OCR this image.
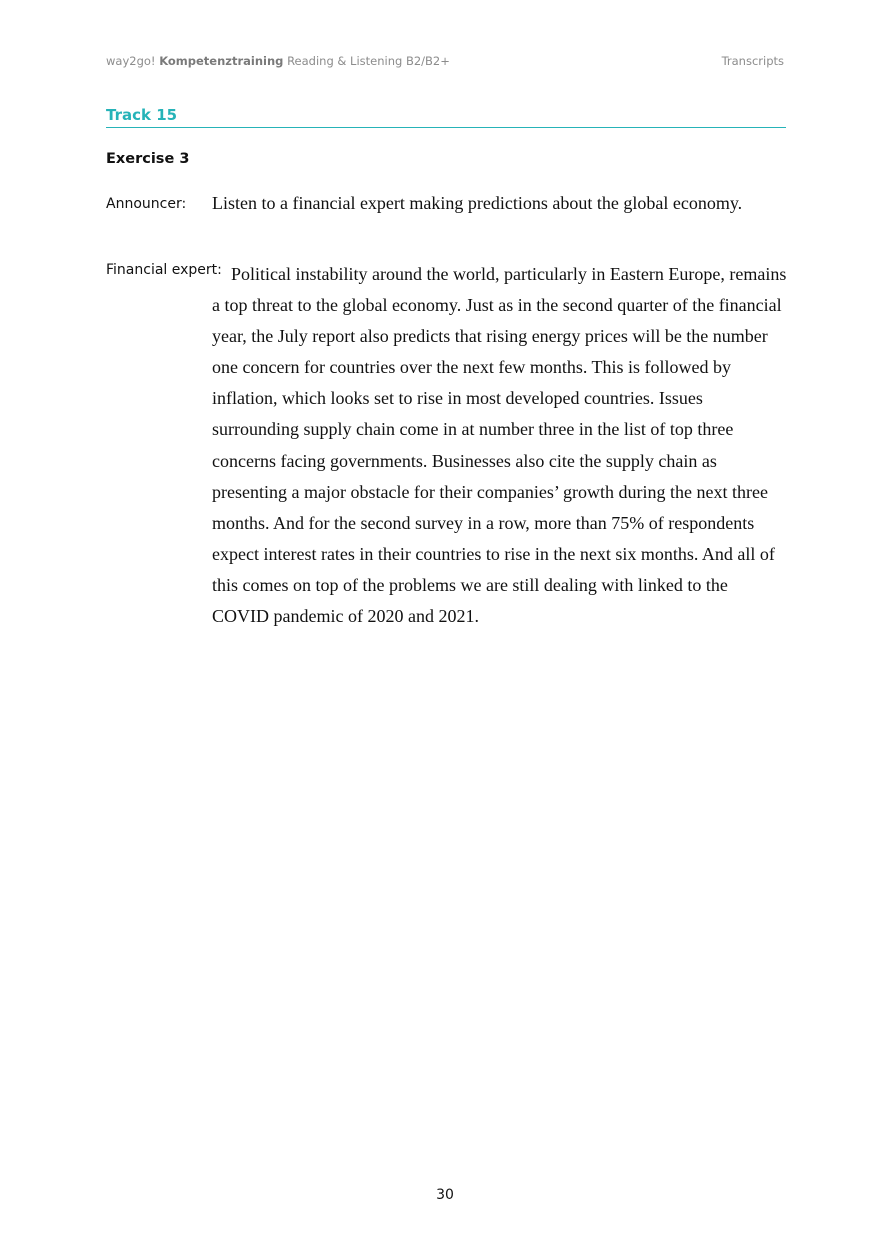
way2go! Kompetenztraining Reading & Listening B2/B2+	Transcripts
Track 15
Exercise 3
Announcer: Listen to a financial expert making predictions about the global economy.
Financial expert: Political instability around the world, particularly in Eastern Europe, remains
a top threat to the global economy. Just as in the second quarter of the financial
year, the July report also predicts that rising energy prices will be the number
one concern for countries over the next few months. This is followed by
inflation, which looks set to rise in most developed countries. Issues
surrounding supply chain come in at number three in the list of top three
concerns facing governments. Businesses also cite the supply chain as
presenting a major obstacle for their companies’ growth during the next three
months. And for the second survey in a row, more than 75% of respondents
expect interest rates in their countries to rise in the next six months. And all of
this comes on top of the problems we are still dealing with linked to the
COVID pandemic of 2020 and 2021.
30
